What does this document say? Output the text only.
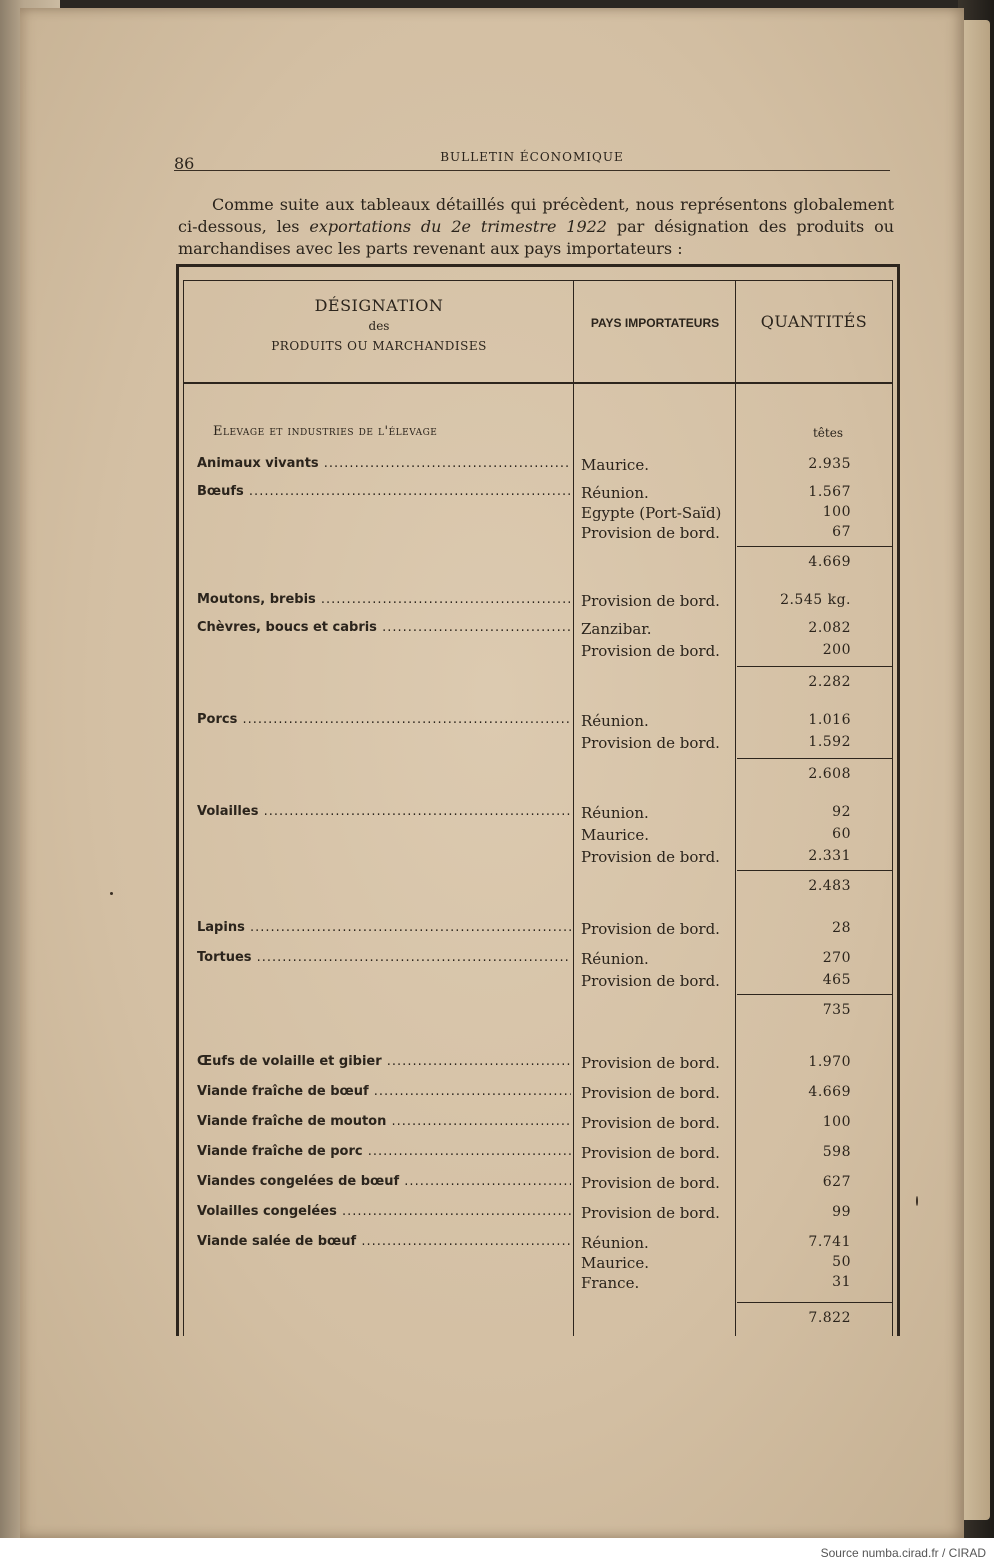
86	BULLETIN ÉCONOMIQUE
Comme suite aux tableaux détaillés qui précèdent, nous représentons globalement ci-dessous, les exportations du 2e trimestre 1922 par désignation des produits ou marchandises avec les parts revenant aux pays importateurs :
DÉSIGNATION
des
PRODUITS OU MARCHANDISES
PAYS IMPORTATEURS	QUANTITÉS
Elevage et industries de l'élevage	têtes
Animaux vivants .....	Maurice.	2.935
Bœufs .....	Réunion.	1.567
Egypte (Port-Saïd)	100
Provision de bord.	67
4.669
Moutons, brebis .....	Provision de bord.	2.545 kg.
Chèvres, boucs et cabris .....	Zanzibar.	2.082
Provision de bord.	200
2.282
Porcs .....	Réunion.	1.016
Provision de bord.	1.592
2.608
Volailles .....	Réunion.	92
Maurice.	60
Provision de bord.	2.331
2.483
Lapins .....	Provision de bord.	28
Tortues .....	Réunion.	270
Provision de bord.	465
735
Œufs de volaille et gibier .....	Provision de bord.	1.970
Viande fraîche de bœuf .....	Provision de bord.	4.669
Viande fraîche de mouton .....	Provision de bord.	100
Viande fraîche de porc .....	Provision de bord.	598
Viandes congelées de bœuf .....	Provision de bord.	627
Volailles congelées .....	Provision de bord.	99
Viande salée de bœuf .....	Réunion.	7.741
Maurice.	50
France.	31
7.822
Source numba.cirad.fr / CIRAD
